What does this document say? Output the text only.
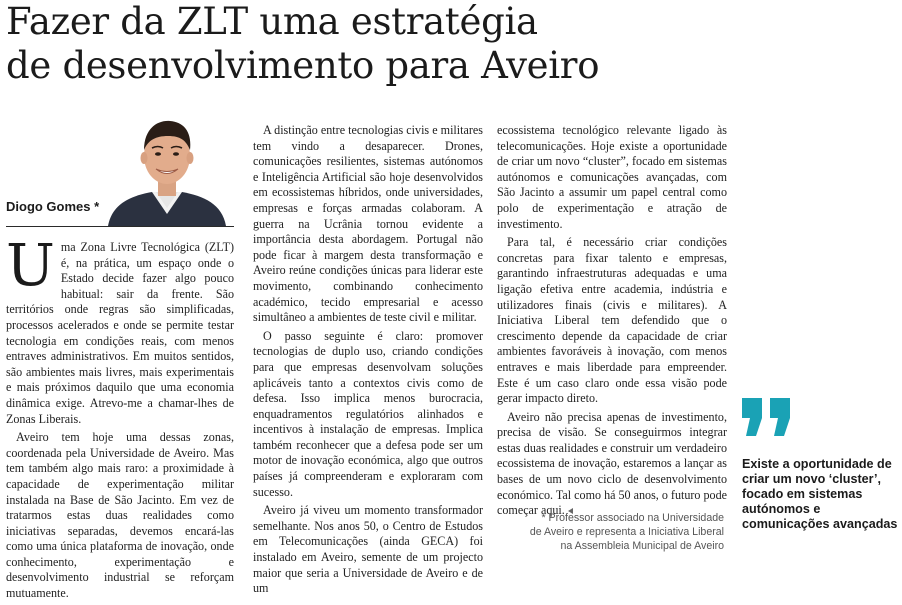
Fazer da ZLT uma estratégia
de desenvolvimento para Aveiro
Diogo Gomes *

Uma Zona Livre Tecnológica (ZLT) é, na prática, um espaço onde o Estado decide fazer algo pouco habitual: sair da frente. São territórios onde regras são simplificadas, processos acelerados e onde se permite testar tecnologia em condições reais, com menos entraves administrativos. Em muitos sentidos, são ambientes mais livres, mais experimentais e mais próximos daquilo que uma economia dinâmica exige. Atrevo-me a chamar-lhes de Zonas Liberais.

Aveiro tem hoje uma dessas zonas, coordenada pela Universidade de Aveiro. Mas tem também algo mais raro: a proximidade à capacidade de experimentação militar instalada na Base de São Jacinto. Em vez de tratarmos estas duas realidades como iniciativas separadas, devemos encará-las como uma única plataforma de inovação, onde conhecimento, experimentação e desenvolvimento industrial se reforçam mutuamente.

A distinção entre tecnologias civis e militares tem vindo a desaparecer. Drones, comunicações resilientes, sistemas autónomos e Inteligência Artificial são hoje desenvolvidos em ecossistemas híbridos, onde universidades, empresas e forças armadas colaboram. A guerra na Ucrânia tornou evidente a importância desta abordagem. Portugal não pode ficar à margem desta transformação e Aveiro reúne condições únicas para liderar este movimento, combinando conhecimento académico, tecido empresarial e acesso simultâneo a ambientes de teste civil e militar.

O passo seguinte é claro: promover tecnologias de duplo uso, criando condições para que empresas desenvolvam soluções aplicáveis tanto a contextos civis como de defesa. Isso implica menos burocracia, enquadramentos regulatórios alinhados e incentivos à instalação de empresas. Implica também reconhecer que a defesa pode ser um motor de inovação económica, algo que outros países já compreenderam e exploraram com sucesso.

Aveiro já viveu um momento transformador semelhante. Nos anos 50, o Centro de Estudos em Telecomunicações (ainda GECA) foi instalado em Aveiro, semente de um projecto maior que seria a Universidade de Aveiro e de um

ecossistema tecnológico relevante ligado às telecomunicações. Hoje existe a oportunidade de criar um novo “cluster”, focado em sistemas autónomos e comunicações avançadas, com São Jacinto a assumir um papel central como polo de experimentação e atração de investimento.

Para tal, é necessário criar condições concretas para fixar talento e empresas, garantindo infraestruturas adequadas e uma ligação efetiva entre academia, indústria e utilizadores finais (civis e militares). A Iniciativa Liberal tem defendido que o crescimento depende da capacidade de criar ambientes favoráveis à inovação, com menos entraves e mais liberdade para empreender. Este é um caso claro onde essa visão pode gerar impacto direto.

Aveiro não precisa apenas de investimento, precisa de visão. Se conseguirmos integrar estas duas realidades e construir um verdadeiro ecossistema de inovação, estaremos a lançar as bases de um novo ciclo de desenvolvimento económico. Tal como há 50 anos, o futuro pode começar aqui.

* Professor associado na Universidade
de Aveiro e representa a Iniciativa Liberal
na Assembleia Municipal de Aveiro
Existe a oportunidade de criar um novo ‘cluster’, focado em sistemas autónomos e comunicações avançadas
